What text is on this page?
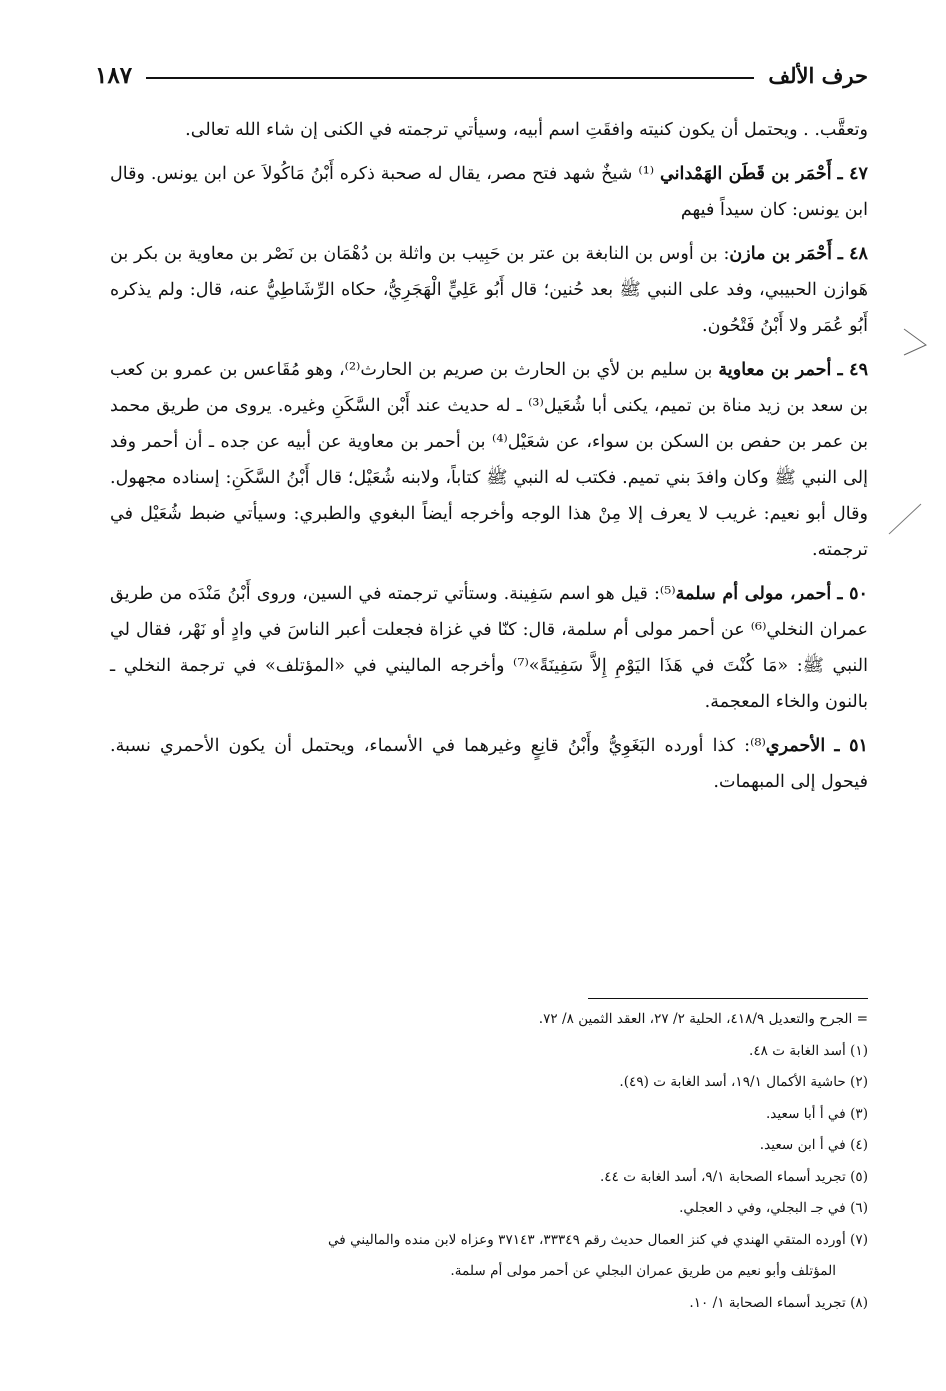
حرف الألف
١٨٧

وتعقَّب. . ويحتمل أن يكون كنيته وافقَتِ اسم أبيه، وسيأتي ترجمته في الكنى إن شاء الله تعالى.

٤٧ ـ أَحْمَر بن قَطَن الهَمْداني ⁽¹⁾ شيخٌ شهد فتح مصر، يقال له صحبة ذكره أَبْنُ مَاكُولاَ عن ابن يونس. وقال ابن يونس: كان سيداً فيهم

٤٨ ـ أَحْمَر بن مازن: بن أوس بن النابغة بن عتر بن حَبِيب بن واثلة بن دُهْمَان بن نَصْر بن معاوية بن بكر بن هَوازن الحبيبي، وفد على النبي ﷺ بعد حُنين؛ قال أَبُو عَلِيٍّ الْهَجَرِيُّ، حكاه الرِّشَاطِيُّ عنه، قال: ولم يذكره أَبُو عُمَر ولا أَبْنُ فَتْحُون.

٤٩ ـ أحمر بن معاوية بن سليم بن لأي بن الحارث بن صريم بن الحارث⁽²⁾، وهو مُقَاعس بن عمرو بن كعب بن سعد بن زيد مناة بن تميم، يكنى أبا شُعَيل⁽³⁾ ـ له حديث عند أَبْن السَّكَنِ وغيره. يروى من طريق محمد بن عمر بن حفص بن السكن بن سواء، عن شعَيْل⁽⁴⁾ بن أحمر بن معاوية عن أبيه عن جده ـ أن أحمر وفد إلى النبي ﷺ وكان وافدَ بني تميم. فكتب له النبي ﷺ كتاباً، ولابنه شُعَيْل؛ قال أَبْنُ السَّكَنِ: إسناده مجهول. وقال أبو نعيم: غريب لا يعرف إلا مِنْ هذا الوجه وأخرجه أيضاً البغوي والطبري: وسيأتي ضبط شُعَيْل في ترجمته.

٥٠ ـ أحمر، مولى أم سلمة⁽⁵⁾: قيل هو اسم سَفِينة. وستأتي ترجمته في السين، وروى أَبْنُ مَنْدَه من طريق عمران النخلي⁽⁶⁾ عن أحمر مولى أم سلمة، قال: كنّا في غزاة فجعلت أعبر الناسَ في وادٍ أو نَهْر، فقال لي النبي ﷺ: «مَا كُنْتَ في هَذَا اليَوْمِ إِلاَّ سَفِينَةً»⁽⁷⁾ وأخرجه الماليني في «المؤتلف» في ترجمة النخلي ـ بالنون والخاء المعجمة.

٥١ ـ الأحمري⁽⁸⁾: كذا أورده البَغَوِيُّ وأَبْنُ قانِعٍ وغيرهما في الأسماء، ويحتمل أن يكون الأحمري نسبة. فيحول إلى المبهمات.

= الجرح والتعديل ٤١٨/٩، الحلية ٢/ ٢٧، العقد الثمين ٨/ ٧٢.

(١) أسد الغابة ت ٤٨.

(٢) حاشية الأكمال ١٩/١، أسد الغابة ت (٤٩).

(٣) في أ أبا سعيد.

(٤) في أ ابن سعيد.

(٥) تجريد أسماء الصحابة ٩/١، أسد الغابة ت ٤٤.

(٦) في جـ البجلي، وفي د العجلي.

(٧) أورده المتقي الهندي في كنز العمال حديث رقم ٣٣٣٤٩، ٣٧١٤٣ وعزاه لابن منده والماليني في

المؤتلف وأبو نعيم من طريق عمران البجلي عن أحمر مولى أم سلمة.

(٨) تجريد أسماء الصحابة ١/ ١٠.
